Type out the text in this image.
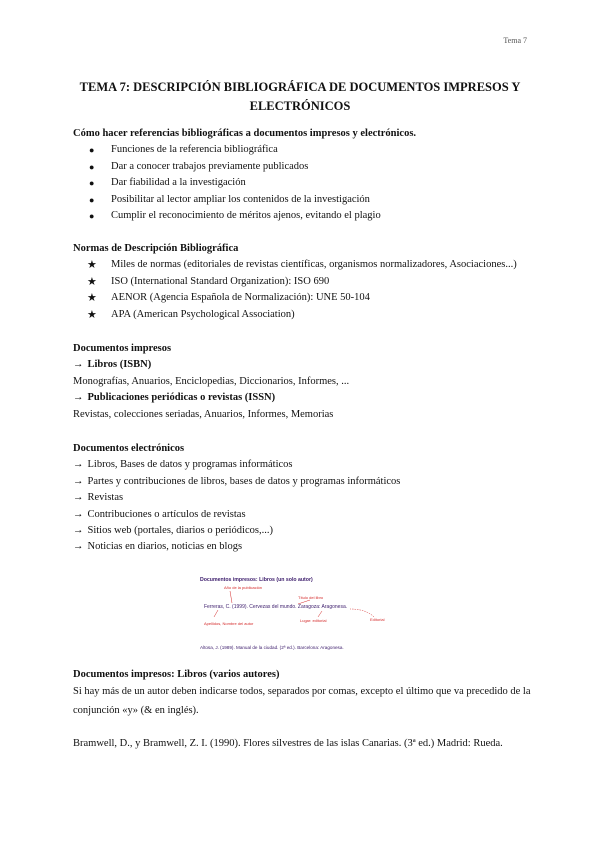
Tema 7
TEMA 7: DESCRIPCIÓN BIBLIOGRÁFICA DE DOCUMENTOS IMPRESOS Y
ELECTRÓNICOS
Cómo hacer referencias bibliográficas a documentos impresos y electrónicos.
● Funciones de la referencia bibliográfica
● Dar a conocer trabajos previamente publicados
● Dar fiabilidad a la investigación
● Posibilitar al lector ampliar los contenidos de la investigación
● Cumplir el reconocimiento de méritos ajenos, evitando el plagio
Normas de Descripción Bibliográfica
★ Miles de normas (editoriales de revistas científicas, organismos normalizadores, Asociaciones...)
★ ISO (International Standard Organization): ISO 690
★ AENOR (Agencia Española de Normalización): UNE 50-104
★ APA (American Psychological Association)
Documentos impresos
→ Libros (ISBN)
Monografías, Anuarios, Enciclopedias, Diccionarios, Informes, ...
→ Publicaciones periódicas o revistas (ISSN)
Revistas, colecciones seriadas, Anuarios, Informes, Memorias
Documentos electrónicos
→ Libros, Bases de datos y programas informáticos
→ Partes y contribuciones de libros, bases de datos y programas informáticos
→ Revistas
→ Contribuciones o artículos de revistas
→ Sitios web (portales, diarios o periódicos,...)
→ Noticias en diarios, noticias en blogs
Documentos impresos: Libros (un solo autor)
Año de la publicación
Título del libro
Ferreras, C. (1999). Cervezas del mundo. Zaragoza: Aragonesa.
Apellidos, Nombre del autor
Lugar: editorial	Editorial
Altosa, J. (1989). Manual de la ciudad. (2ª ed.). Barcelona: Aragonesa.
Documentos impresos: Libros (varios autores)
Si hay más de un autor deben indicarse todos, separados por comas, excepto el último que va precedido de la conjunción «y» (& en inglés).
Bramwell, D., y Bramwell, Z. I. (1990). Flores silvestres de las islas Canarias. (3ª ed.) Madrid: Rueda.
